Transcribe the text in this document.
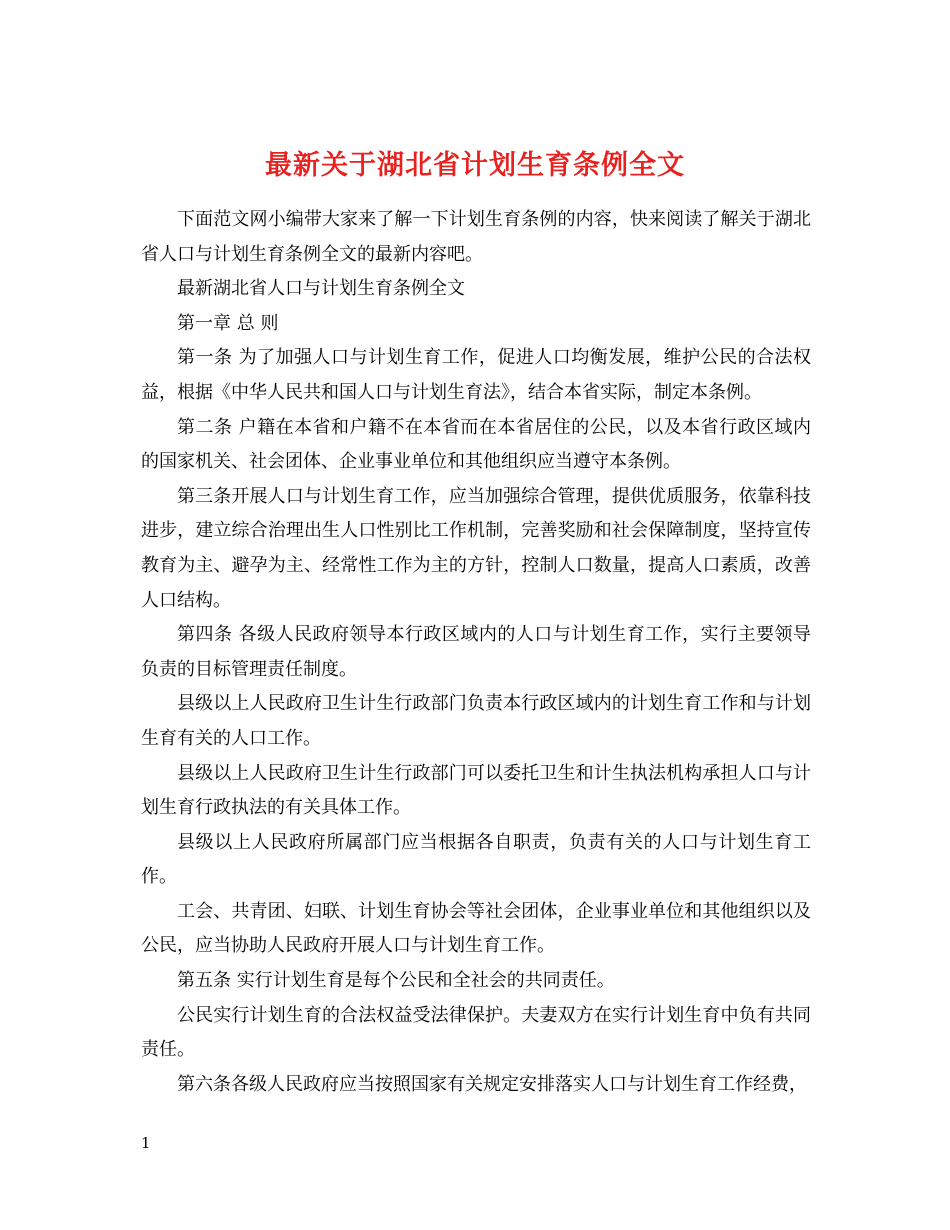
最新关于湖北省计划生育条例全文

下面范文网小编带大家来了解一下计划生育条例的内容，快来阅读了解关于湖北省人口与计划生育条例全文的最新内容吧。

最新湖北省人口与计划生育条例全文

第一章 总 则

第一条 为了加强人口与计划生育工作，促进人口均衡发展，维护公民的合法权益，根据《中华人民共和国人口与计划生育法》，结合本省实际，制定本条例。

第二条 户籍在本省和户籍不在本省而在本省居住的公民，以及本省行政区域内的国家机关、社会团体、企业事业单位和其他组织应当遵守本条例。

第三条开展人口与计划生育工作，应当加强综合管理，提供优质服务，依靠科技进步，建立综合治理出生人口性别比工作机制，完善奖励和社会保障制度，坚持宣传教育为主、避孕为主、经常性工作为主的方针，控制人口数量，提高人口素质，改善人口结构。

第四条 各级人民政府领导本行政区域内的人口与计划生育工作，实行主要领导负责的目标管理责任制度。

县级以上人民政府卫生计生行政部门负责本行政区域内的计划生育工作和与计划生育有关的人口工作。

县级以上人民政府卫生计生行政部门可以委托卫生和计生执法机构承担人口与计划生育行政执法的有关具体工作。

县级以上人民政府所属部门应当根据各自职责，负责有关的人口与计划生育工作。

工会、共青团、妇联、计划生育协会等社会团体，企业事业单位和其他组织以及公民，应当协助人民政府开展人口与计划生育工作。

第五条 实行计划生育是每个公民和全社会的共同责任。

公民实行计划生育的合法权益受法律保护。夫妻双方在实行计划生育中负有共同责任。

第六条各级人民政府应当按照国家有关规定安排落实人口与计划生育工作经费，

1
